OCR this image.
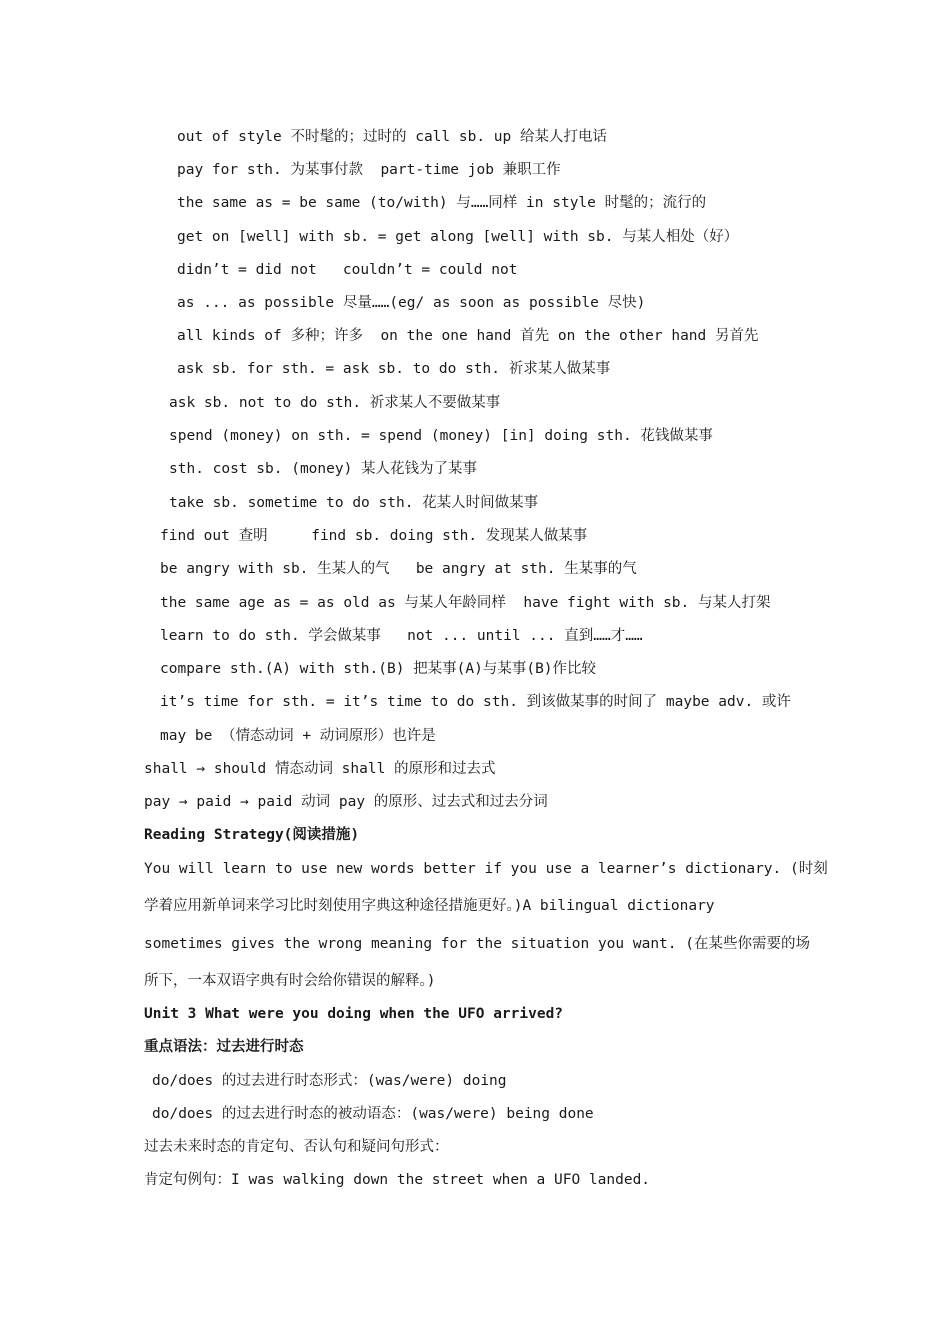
out of style 不时髦的；过时的 call sb. up 给某人打电话
pay for sth. 为某事付款  part-time job 兼职工作
the same as = be same (to/with) 与……同样 in style 时髦的；流行的
get on [well] with sb. = get along [well] with sb. 与某人相处（好）
didn’t = did not   couldn’t = could not
as ... as possible 尽量……(eg/ as soon as possible 尽快)
all kinds of 多种；许多  on the one hand 首先 on the other hand 另首先
ask sb. for sth. = ask sb. to do sth. 祈求某人做某事
ask sb. not to do sth. 祈求某人不要做某事
spend (money) on sth. = spend (money) [in] doing sth. 花钱做某事
sth. cost sb. (money) 某人花钱为了某事
take sb. sometime to do sth. 花某人时间做某事
find out 查明     find sb. doing sth. 发现某人做某事
be angry with sb. 生某人的气   be angry at sth. 生某事的气
the same age as = as old as 与某人年龄同样  have fight with sb. 与某人打架
learn to do sth. 学会做某事   not ... until ... 直到……才……
compare sth.(A) with sth.(B) 把某事(A)与某事(B)作比较
it’s time for sth. = it’s time to do sth. 到该做某事的时间了 maybe adv. 或许
may be （情态动词 + 动词原形）也许是
shall → should 情态动词 shall 的原形和过去式
pay → paid → paid 动词 pay 的原形、过去式和过去分词
Reading Strategy(阅读措施)
You will learn to use new words better if you use a learner’s dictionary. (时刻
学着应用新单词来学习比时刻使用字典这种途径措施更好。)A bilingual dictionary
sometimes gives the wrong meaning for the situation you want. (在某些你需要的场
所下，一本双语字典有时会给你错误的解释。)
Unit 3 What were you doing when the UFO arrived?
重点语法：过去进行时态
do/does 的过去进行时态形式：(was/were) doing
do/does 的过去进行时态的被动语态：(was/were) being done
过去未来时态的肯定句、否认句和疑问句形式：
肯定句例句：I was walking down the street when a UFO landed.
